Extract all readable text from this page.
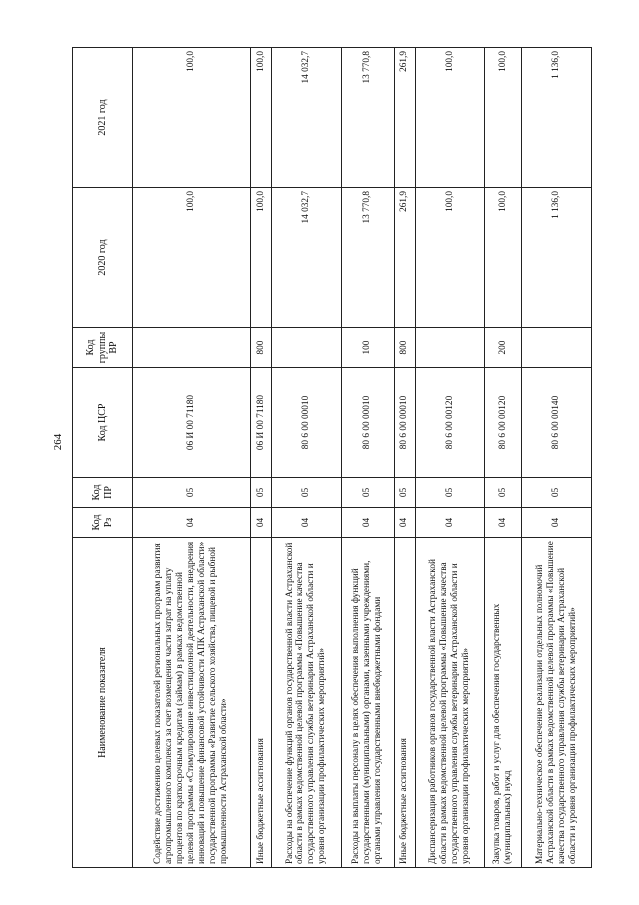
264
Наименование показателя	Код Рз	Код ПР	Код ЦСР	Код группы ВР	2020 год	2021 год
Содействие достижению целевых показателей региональных программ развития агропромышленного комплекса за счет возмещения части затрат на уплату процентов по краткосрочным кредитам (займам) в рамках ведомственной целевой программы «Стимулирование инвестиционной деятельности, внедрения инноваций и повышение финансовой устойчивости АПК Астраханской области» государственной программы «Развитие сельского хозяйства, пищевой и рыбной промышленности Астраханской области»	04	05	06 И 00 71180		100,0	100,0
Иные бюджетные ассигнования	04	05	06 И 00 71180	800	100,0	100,0
Расходы на обеспечение функций органов государственной власти Астраханской области в рамках ведомственной целевой программы «Повышение качества государственного управления службы ветеринарии Астраханской области и уровня организации профилактических мероприятий»	04	05	80 6 00 00010		14 032,7	14 032,7
Расходы на выплаты персоналу в целях обеспечения выполнения функций государственными (муниципальными) органами, казенными учреждениями, органами управления государственными внебюджетными фондами	04	05	80 6 00 00010	100	13 770,8	13 770,8
Иные бюджетные ассигнования	04	05	80 6 00 00010	800	261,9	261,9
Диспансеризация работников органов государственной власти Астраханской области в рамках ведомственной целевой программы «Повышение качества государственного управления службы ветеринарии Астраханской области и уровня организации профилактических мероприятий»	04	05	80 6 00 00120		100,0	100,0
Закупка товаров, работ и услуг для обеспечения государственных (муниципальных) нужд	04	05	80 6 00 00120	200	100,0	100,0
Материально-техническое обеспечение реализации отдельных полномочий Астраханской области в рамках ведомственной целевой программы «Повышение качества государственного управления службы ветеринарии Астраханской области и уровня организации профилактических мероприятий»	04	05	80 6 00 00140		1 136,0	1 136,0
